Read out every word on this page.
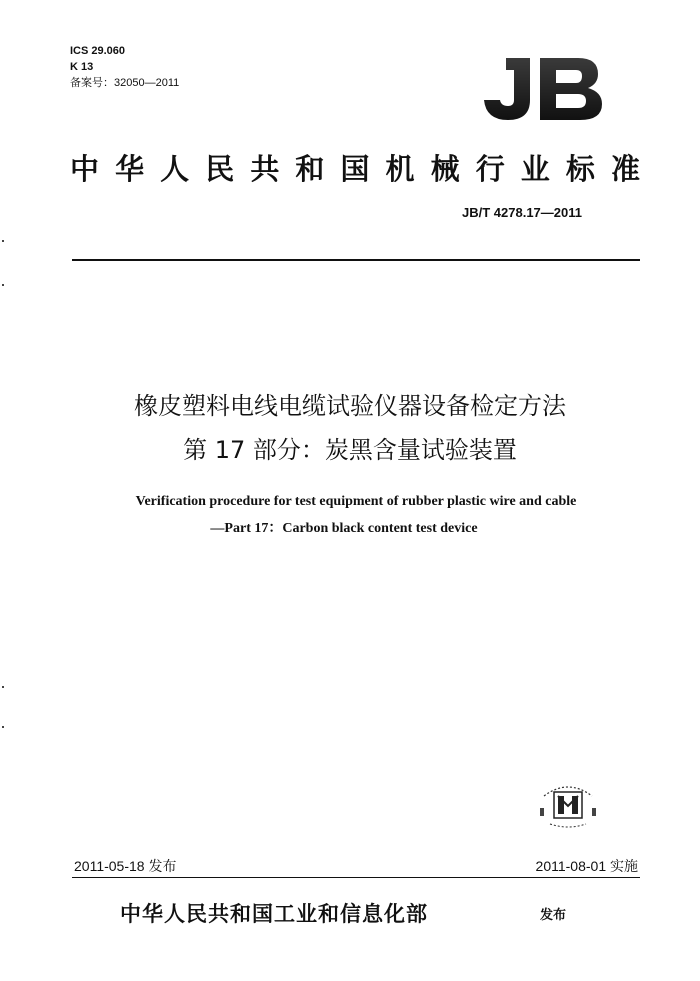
ICS 29.060
K 13
备案号：32050—2011
JB
中 华 人 民 共 和 国 机 械 行 业 标 准
JB/T 4278.17—2011
橡皮塑料电线电缆试验仪器设备检定方法
第 17 部分：炭黑含量试验装置
Verification procedure for test equipment of rubber plastic wire and cable
—Part 17：Carbon black content test device
2011-05-18 发布	2011-08-01 实施
中华人民共和国工业和信息化部	发布
